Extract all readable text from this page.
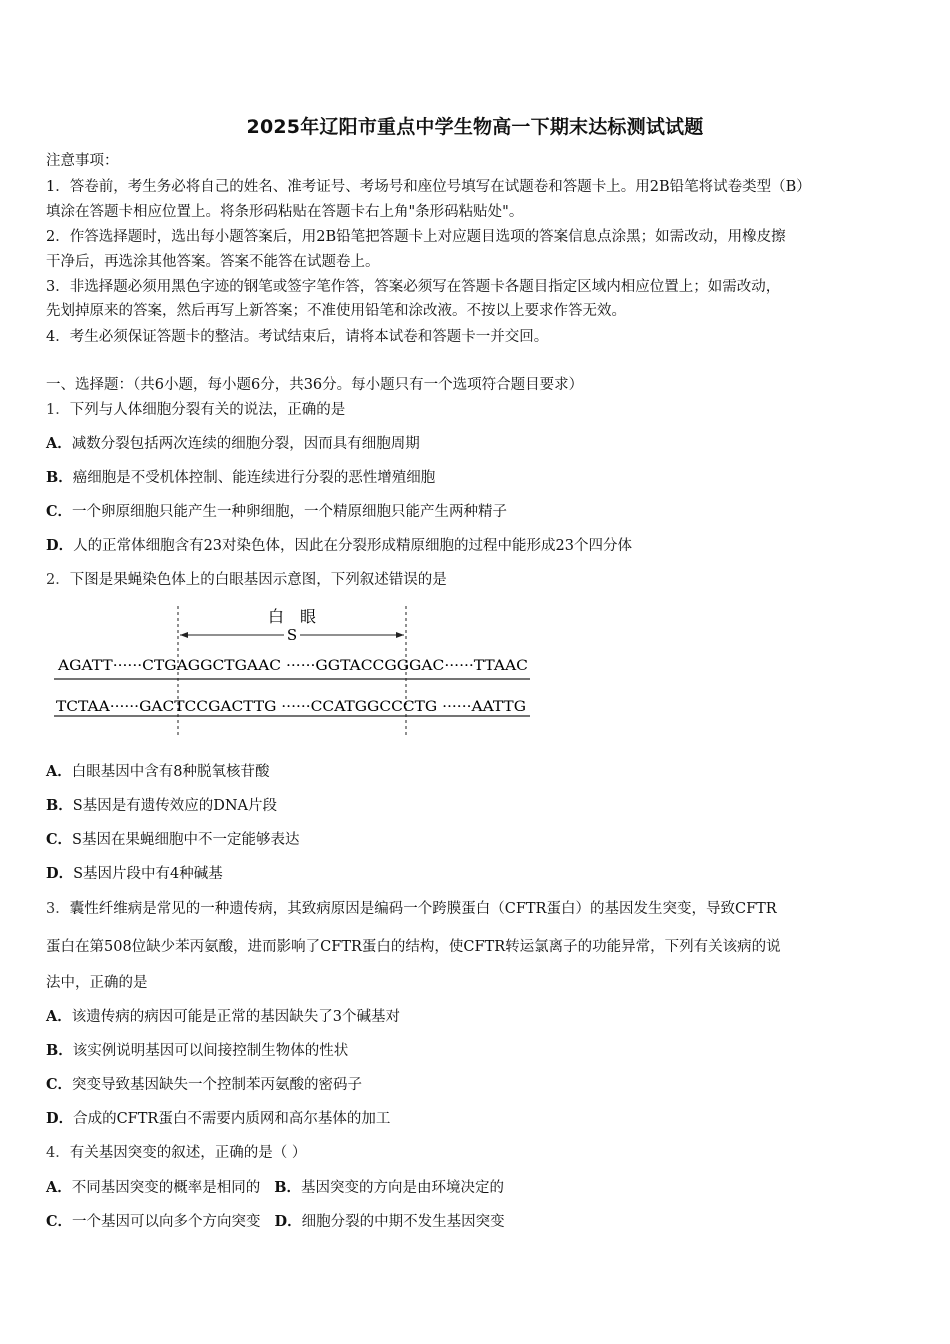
2025年辽阳市重点中学生物高一下期末达标测试试题
注意事项：
1．答卷前，考生务必将自己的姓名、准考证号、考场号和座位号填写在试题卷和答题卡上。用2B铅笔将试卷类型（B）
填涂在答题卡相应位置上。将条形码粘贴在答题卡右上角"条形码粘贴处"。
2．作答选择题时，选出每小题答案后，用2B铅笔把答题卡上对应题目选项的答案信息点涂黑；如需改动，用橡皮擦
干净后，再选涂其他答案。答案不能答在试题卷上。
3．非选择题必须用黑色字迹的钢笔或签字笔作答，答案必须写在答题卡各题目指定区域内相应位置上；如需改动，
先划掉原来的答案，然后再写上新答案；不准使用铅笔和涂改液。不按以上要求作答无效。
4．考生必须保证答题卡的整洁。考试结束后，请将本试卷和答题卡一并交回。
一、选择题：（共6小题，每小题6分，共36分。每小题只有一个选项符合题目要求）
1．下列与人体细胞分裂有关的说法，正确的是
A．减数分裂包括两次连续的细胞分裂，因而具有细胞周期
B．癌细胞是不受机体控制、能连续进行分裂的恶性增殖细胞
C．一个卵原细胞只能产生一种卵细胞，一个精原细胞只能产生两种精子
D．人的正常体细胞含有23对染色体，因此在分裂形成精原细胞的过程中能形成23个四分体
2．下图是果蝇染色体上的白眼基因示意图，下列叙述错误的是
白　眼
S
AGATT······CTGAGGCTGAAC ······GGTACCGGGAC······TTAAC
TCTAA······GACTCCGACTTG ······CCATGGCCCTG ······AATTG
A．白眼基因中含有8种脱氧核苷酸
B．S基因是有遗传效应的DNA片段
C．S基因在果蝇细胞中不一定能够表达
D．S基因片段中有4种碱基
3．囊性纤维病是常见的一种遗传病，其致病原因是编码一个跨膜蛋白（CFTR蛋白）的基因发生突变，导致CFTR
蛋白在第508位缺少苯丙氨酸，进而影响了CFTR蛋白的结构，使CFTR转运氯离子的功能异常，下列有关该病的说
法中，正确的是
A．该遗传病的病因可能是正常的基因缺失了3个碱基对
B．该实例说明基因可以间接控制生物体的性状
C．突变导致基因缺失一个控制苯丙氨酸的密码子
D．合成的CFTR蛋白不需要内质网和高尔基体的加工
4．有关基因突变的叙述，正确的是（ ）
A．不同基因突变的概率是相同的 B．基因突变的方向是由环境决定的
C．一个基因可以向多个方向突变 D．细胞分裂的中期不发生基因突变
